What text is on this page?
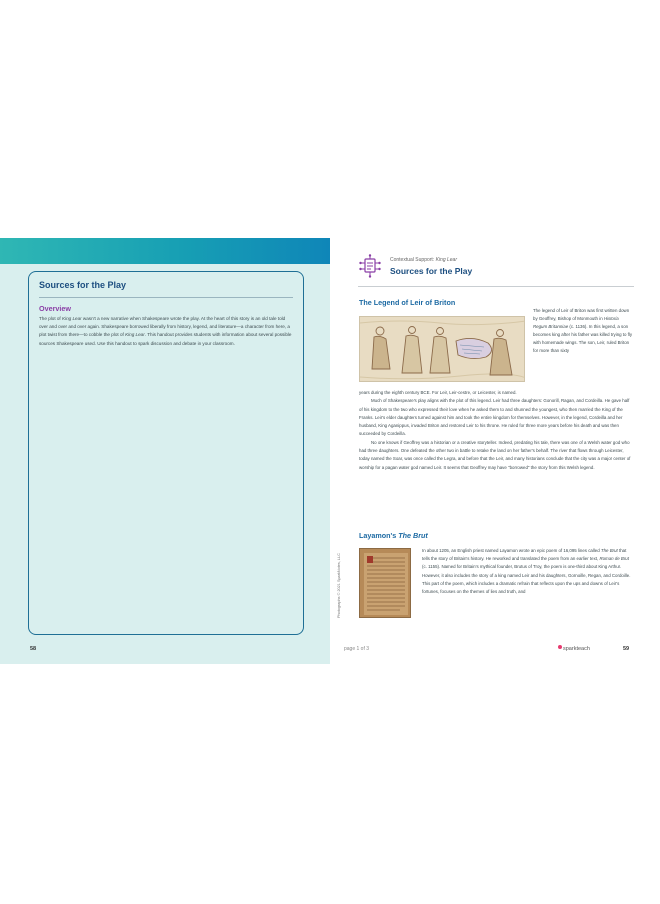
Sources for the Play
Overview
The plot of King Lear wasn't a new narrative when Shakespeare wrote the play. At the heart of this story is an old tale told over and over and over again. Shakespeare borrowed liberally from history, legend, and literature—a character from here, a plot twist from there—to cobble the plot of King Lear. This handout provides students with information about several possible sources Shakespeare used. Use this handout to spark discussion and debate in your classroom.
58
Contextual Support: King Lear
Sources for the Play
The Legend of Leir of Briton
The legend of Leir of Briton was first written down by Geoffrey, Bishop of Monmouth in Historia Regum Britanniae (c. 1136). In this legend, a son becomes king after his father was killed trying to fly with homemade wings. The son, Leir, ruled Briton for more than sixty

years during the eighth century BCE. For Leir, Leir-cestre, or Leicester, is named.

Much of Shakespeare's play aligns with the plot of this legend. Leir had three daughters: Gonorill, Ragan, and Cordeilla. He gave half of his kingdom to the two who expressed their love when he asked them to and shunned the youngest, who then married the King of the Franks. Leir's elder daughters turned against him and took the entire kingdom for themselves. However, in the legend, Cordeilla and her husband, King Aganippus, invaded Briton and restored Leir to his throne. He ruled for three more years before his death and was then succeeded by Cordeilla.

No one knows if Geoffrey was a historian or a creative storyteller. Indeed, predating his tale, there was one of a Welsh water god who had three daughters. One defeated the other two in battle to retake the land on her father's behalf. The river that flows through Leicester, today named the Soar, was once called the Legra, and before that the Leir, and many historians conclude that the city was a major center of worship for a pagan water god named Leir. It seems that Geoffrey may have "borrowed" the story from this Welsh legend.

Layamon's The Brut
Photographs © 2021 SparkNotes, LLC
In about 1205, an English priest named Layamon wrote an epic poem of 16,095 lines called The Brut that tells the story of Britain's history. He reworked and translated the poem from an earlier text, Roman de Brut (c. 1155). Named for Britain's mythical founder, Brutus of Troy, the poem is one-third about King Arthur. However, it also includes the story of a king named Leir and his daughters, Gornoille, Regan, and Cordoille. This part of the poem, which includes a dramatic refrain that reflects upon the ups and downs of Leir's fortunes, focuses on the themes of lies and truth, and
page 1 of 3	sparkteach	59
